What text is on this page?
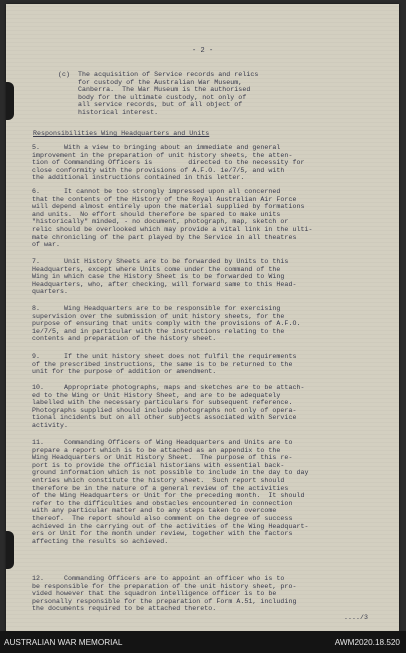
- 2 -

(c)  The acquisition of Service records and relics
for custody of the Australian War Museum,
Canberra.  The War Museum is the authorised
body for the ultimate custody, not only of
all service records, but of all object of
historical interest.

Responsibilities Wing Headquarters and Units

5.      With a view to bringing about an immediate and general
improvement in the preparation of unit history sheets, the atten-
tion of Commanding Officers is         directed to the necessity for
close conformity with the provisions of A.F.O. 1e/7/5, and with
the additional instructions contained in this letter.

6.      It cannot be too strongly impressed upon all concerned
that the contents of the History of the Royal Australian Air Force
will depend almost entirely upon the material supplied by formations
and units.  No effort should therefore be spared to make units
"historically" minded, - no document, photograph, map, sketch or
relic should be overlooked which may provide a vital link in the ulti-
mate chronicling of the part played by the Service in all theatres
of war.

7.      Unit History Sheets are to be forwarded by Units to this
Headquarters, except where Units come under the command of the
Wing in which case the History Sheet is to be forwarded to Wing
Headquarters, who, after checking, will forward same to this Head-
quarters.

8.      Wing Headquarters are to be responsible for exercising
supervision over the submission of unit history sheets, for the
purpose of ensuring that units comply with the provisions of A.F.O.
1e/7/5, and in particular with the instructions relating to the
contents and preparation of the history sheet.

9.      If the unit history sheet does not fulfil the requirements
of the prescribed instructions, the same is to be returned to the
unit for the purpose of addition or amendment.

10.     Appropriate photographs, maps and sketches are to be attach-
ed to the Wing or Unit History Sheet, and are to be adequately
labelled with the necessary particulars for subsequent reference.
Photographs supplied should include photographs not only of opera-
tional incidents but on all other subjects associated with Service
activity.

11.     Commanding Officers of Wing Headquarters and Units are to
prepare a report which is to be attached as an appendix to the
Wing Headquarters or Unit History Sheet.  The purpose of this re-
port is to provide the official historians with essential back-
ground information which is not possible to include in the day to day
entries which constitute the history sheet.  Such report should
therefore be in the nature of a general review of the activities
of the Wing Headquarters or Unit for the preceding month.  It should
refer to the difficulties and obstacles encountered in connection
with any particular matter and to any steps taken to overcome
thereof.  The report should also comment on the degree of success
achieved in the carrying out of the activities of the Wing Headquart-
ers or Unit for the month under review, together with the factors
affecting the results so achieved.

12.     Commanding Officers are to appoint an officer who is to
be responsible for the preparation of the unit history sheet, pro-
vided however that the squadron intelligence officer is to be
personally responsible for the preparation of Form A.51, including
the documents required to be attached thereto.

..../3

AUSTRALIAN WAR MEMORIAL	AWM2020.18.520
